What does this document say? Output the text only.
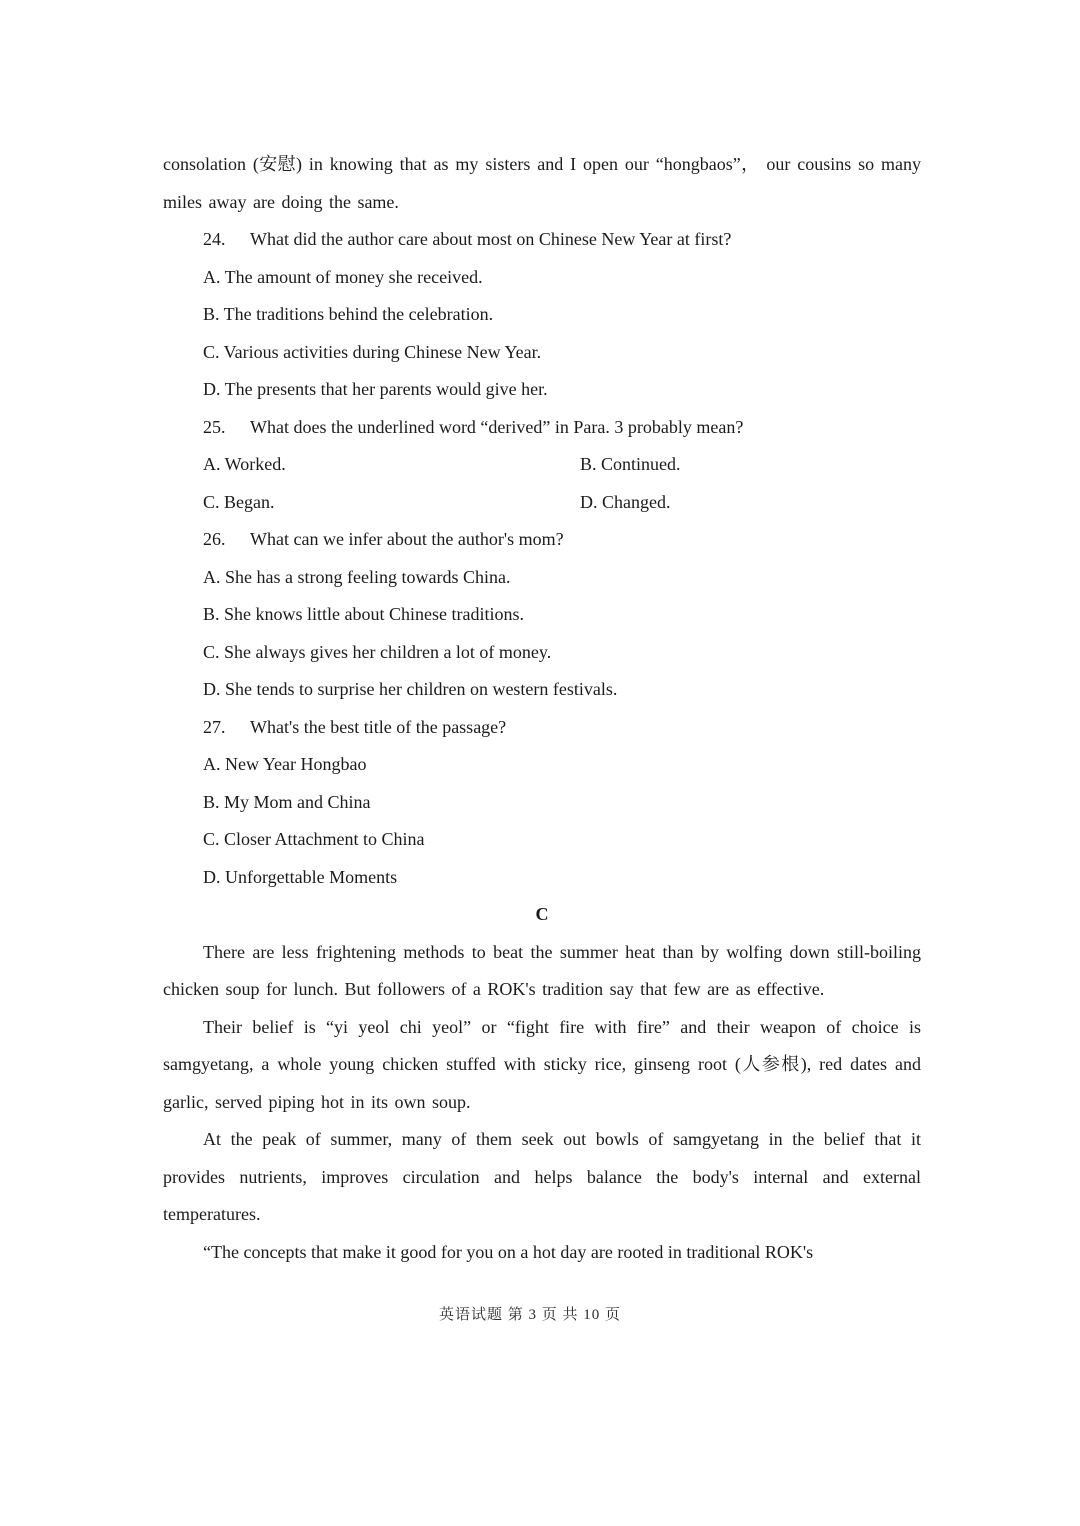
consolation (安慰) in knowing that as my sisters and I open our “hongbaos”， our cousins so many miles away are doing the same.
24. What did the author care about most on Chinese New Year at first?
A. The amount of money she received.
B. The traditions behind the celebration.
C. Various activities during Chinese New Year.
D. The presents that her parents would give her.
25. What does the underlined word “derived” in Para. 3 probably mean?
A. Worked.	B. Continued.
C. Began.	D. Changed.
26. What can we infer about the author's mom?
A. She has a strong feeling towards China.
B. She knows little about Chinese traditions.
C. She always gives her children a lot of money.
D. She tends to surprise her children on western festivals.
27. What's the best title of the passage?
A. New Year Hongbao
B. My Mom and China
C. Closer Attachment to China
D. Unforgettable Moments
C
There are less frightening methods to beat the summer heat than by wolfing down still-boiling chicken soup for lunch. But followers of a ROK's tradition say that few are as effective.
Their belief is “yi yeol chi yeol” or “fight fire with fire” and their weapon of choice is samgyetang, a whole young chicken stuffed with sticky rice, ginseng root (人参根), red dates and garlic, served piping hot in its own soup.
At the peak of summer, many of them seek out bowls of samgyetang in the belief that it provides nutrients, improves circulation and helps balance the body's internal and external temperatures.
“The concepts that make it good for you on a hot day are rooted in traditional ROK's
英语试题 第 3 页 共 10 页
